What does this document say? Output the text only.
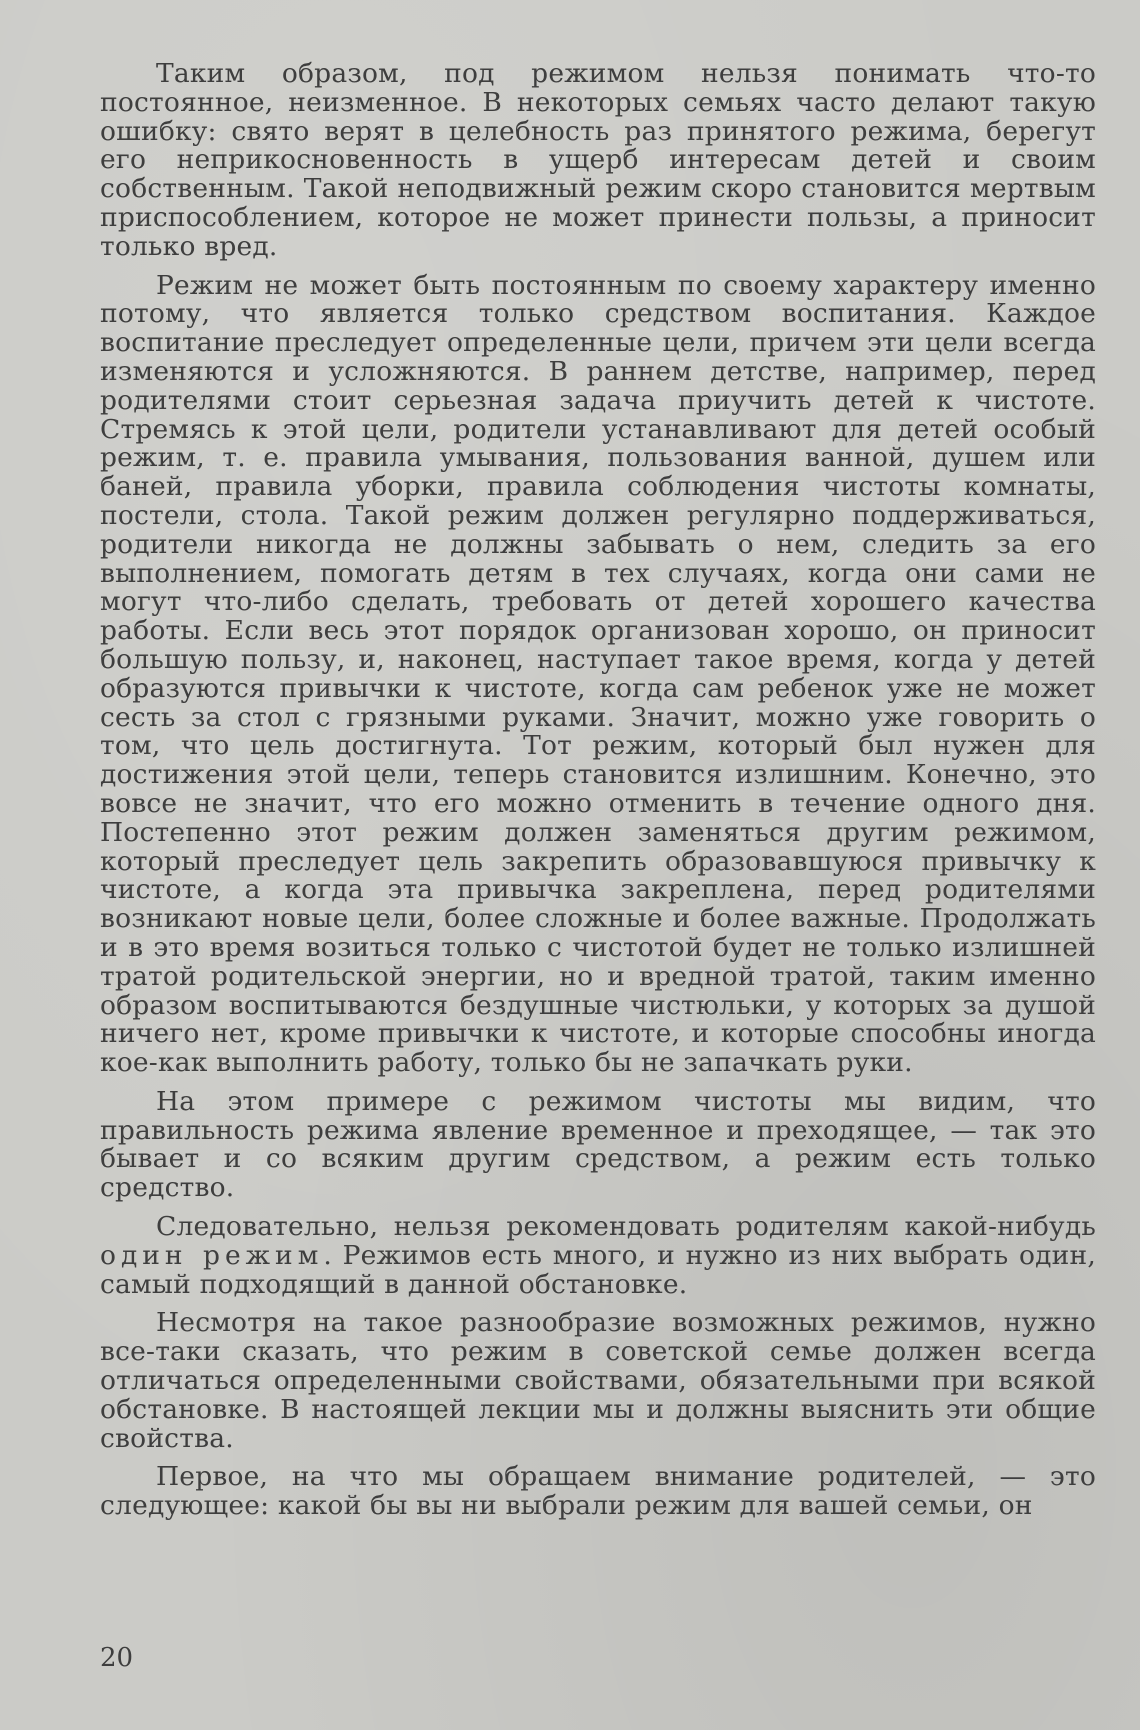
Таким образом, под режимом нельзя понимать что-то постоянное, неизменное. В некоторых семьях часто делают такую ошибку: свято верят в целебность раз принятого режима, берегут его неприкосновенность в ущерб интересам детей и своим собственным. Такой неподвижный режим скоро становится мертвым приспособлением, которое не может принести пользы, а приносит только вред.

Режим не может быть постоянным по своему характеру именно потому, что является только средством воспитания. Каждое воспитание преследует определенные цели, причем эти цели всегда изменяются и усложняются. В раннем детстве, например, перед родителями стоит серьезная задача приучить детей к чистоте. Стремясь к этой цели, родители устанавливают для детей особый режим, т. е. правила умывания, пользования ванной, душем или баней, правила уборки, правила соблюдения чистоты комнаты, постели, стола. Такой режим должен регулярно поддерживаться, родители никогда не должны забывать о нем, следить за его выполнением, помогать детям в тех случаях, когда они сами не могут что-либо сделать, требовать от детей хорошего качества работы. Если весь этот порядок организован хорошо, он приносит большую пользу, и, наконец, наступает такое время, когда у детей образуются привычки к чистоте, когда сам ребенок уже не может сесть за стол с грязными руками. Значит, можно уже говорить о том, что цель достигнута. Тот режим, который был нужен для достижения этой цели, теперь становится излишним. Конечно, это вовсе не значит, что его можно отменить в течение одного дня. Постепенно этот режим должен заменяться другим режимом, который преследует цель закрепить образовавшуюся привычку к чистоте, а когда эта привычка закреплена, перед родителями возникают новые цели, более сложные и более важные. Продолжать и в это время возиться только с чистотой будет не только излишней тратой родительской энергии, но и вредной тратой, таким именно образом воспитываются бездушные чистюльки, у которых за душой ничего нет, кроме привычки к чистоте, и которые способны иногда кое-как выполнить работу, только бы не запачкать руки.

На этом примере с режимом чистоты мы видим, что правильность режима явление временное и преходящее, — так это бывает и со всяким другим средством, а режим есть только средство.

Следовательно, нельзя рекомендовать родителям какой-нибудь один режим. Режимов есть много, и нужно из них выбрать один, самый подходящий в данной обстановке.

Несмотря на такое разнообразие возможных режимов, нужно все-таки сказать, что режим в советской семье должен всегда отличаться определенными свойствами, обязательными при всякой обстановке. В настоящей лекции мы и должны выяснить эти общие свойства.

Первое, на что мы обращаем внимание родителей, — это следующее: какой бы вы ни выбрали режим для вашей семьи, он

20
